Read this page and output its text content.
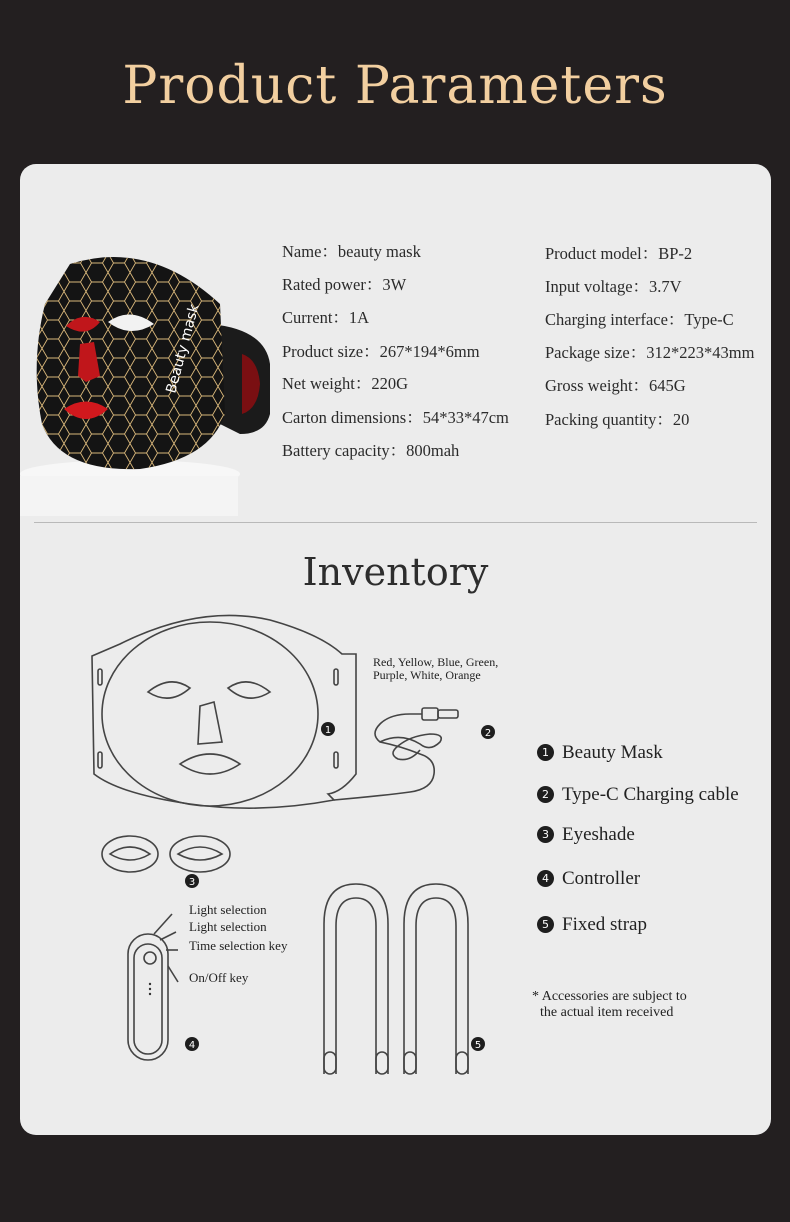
Product Parameters
Beauty mask
Name：beauty mask
Rated power：3W
Current：1A
Product size：267*194*6mm
Net weight：220G
Carton dimensions：54*33*47cm
Battery capacity：800mah
Product model：BP-2
Input voltage：3.7V
Charging interface：Type-C
Package size：312*223*43mm
Gross weight：645G
Packing quantity：20
Inventory
1	2
3
4	5
Red, Yellow, Blue, Green,
Purple, White, Orange
Light selection
Light selection
Time selection key
On/Off key
1 Beauty Mask
2 Type-C Charging cable
3 Eyeshade
4 Controller
5 Fixed strap
* Accessories are subject to
the actual item received
